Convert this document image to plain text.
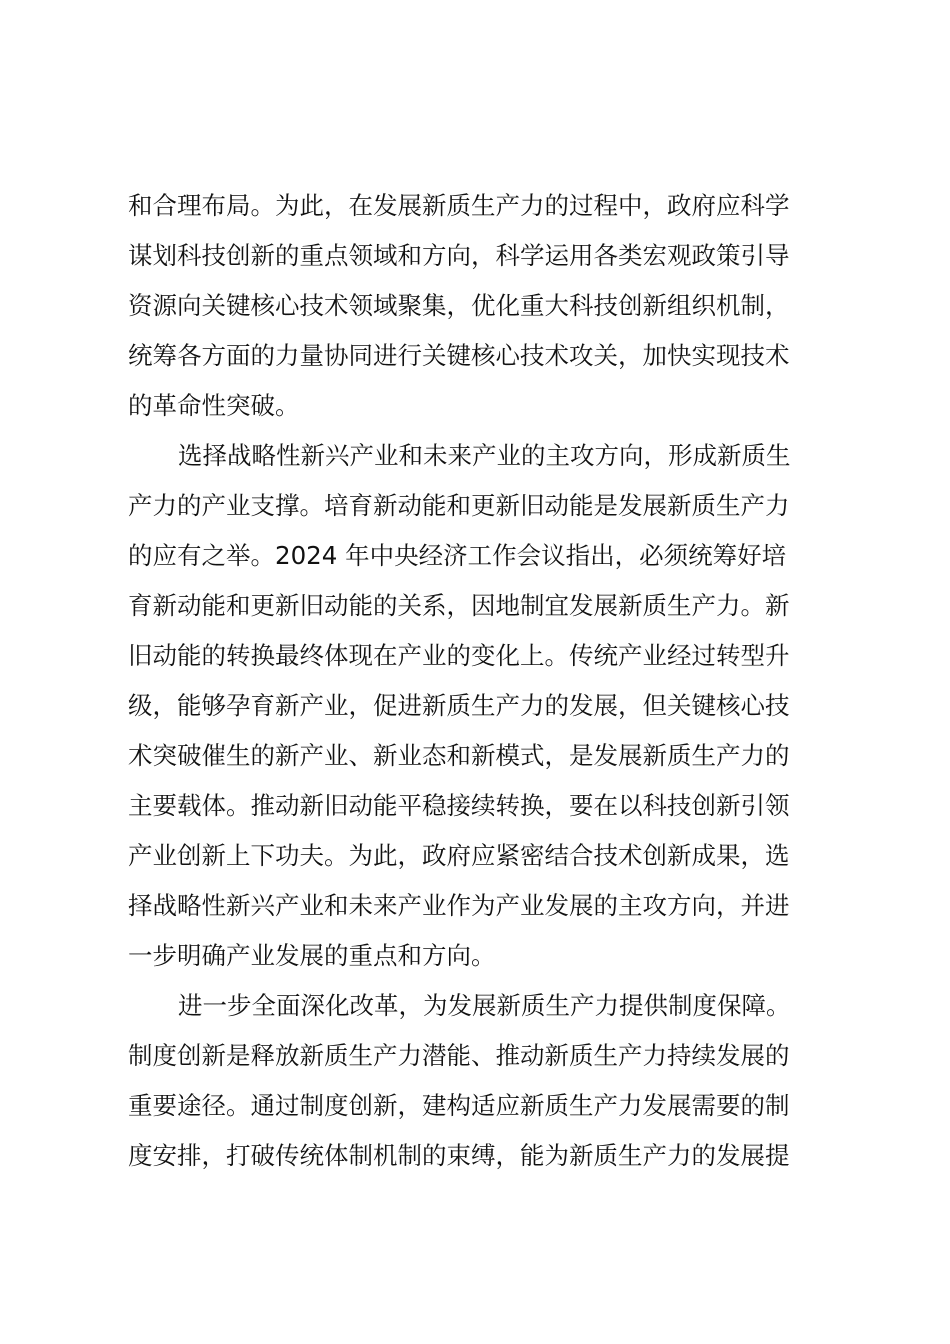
和合理布局。为此，在发展新质生产力的过程中，政府应科学
谋划科技创新的重点领域和方向，科学运用各类宏观政策引导
资源向关键核心技术领域聚集，优化重大科技创新组织机制，
统筹各方面的力量协同进行关键核心技术攻关，加快实现技术
的革命性突破。
选择战略性新兴产业和未来产业的主攻方向，形成新质生
产力的产业支撑。培育新动能和更新旧动能是发展新质生产力
的应有之举。2024 年中央经济工作会议指出，必须统筹好培
育新动能和更新旧动能的关系，因地制宜发展新质生产力。新
旧动能的转换最终体现在产业的变化上。传统产业经过转型升
级，能够孕育新产业，促进新质生产力的发展，但关键核心技
术突破催生的新产业、新业态和新模式，是发展新质生产力的
主要载体。推动新旧动能平稳接续转换，要在以科技创新引领
产业创新上下功夫。为此，政府应紧密结合技术创新成果，选
择战略性新兴产业和未来产业作为产业发展的主攻方向，并进
一步明确产业发展的重点和方向。
进一步全面深化改革，为发展新质生产力提供制度保障。
制度创新是释放新质生产力潜能、推动新质生产力持续发展的
重要途径。通过制度创新，建构适应新质生产力发展需要的制
度安排，打破传统体制机制的束缚，能为新质生产力的发展提
